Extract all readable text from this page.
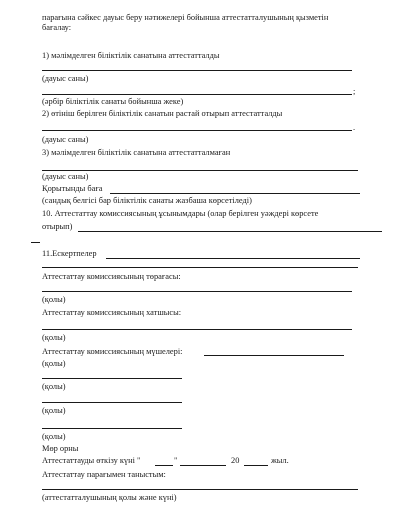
парағына сәйкес дауыс беру нәтижелері бойынша аттестатталушының қызметін
бағалау:
1) мәлімделген біліктілік санатына аттестатталды
(дауыс саны)
;
(әрбір біліктілік санаты бойынша жеке)
2) өтініш берілген біліктілік санатын растай отырып аттестатталды
.
(дауыс саны)
3) мәлімделген біліктілік санатына аттестатталмаған
(дауыс саны)
Қорытынды баға
(сандық белгісі бар біліктілік санаты жазбаша көрсетіледі)
10. Аттестаттау комиссиясының ұсынымдары (олар берілген уәждері көрсете
отырып)
11.Ескертпелер
Аттестаттау комиссиясының төрағасы:
(қолы)
Аттестаттау комиссиясының хатшысы:
(қолы)
Аттестаттау комиссиясының мүшелері:
(қолы)
(қолы)
(қолы)
(қолы)
Мөр орны
Аттестаттауды өткізу күні "	"	20	жыл.
Аттестаттау парағымен таныстым:
(аттестатталушының қолы және күні)
